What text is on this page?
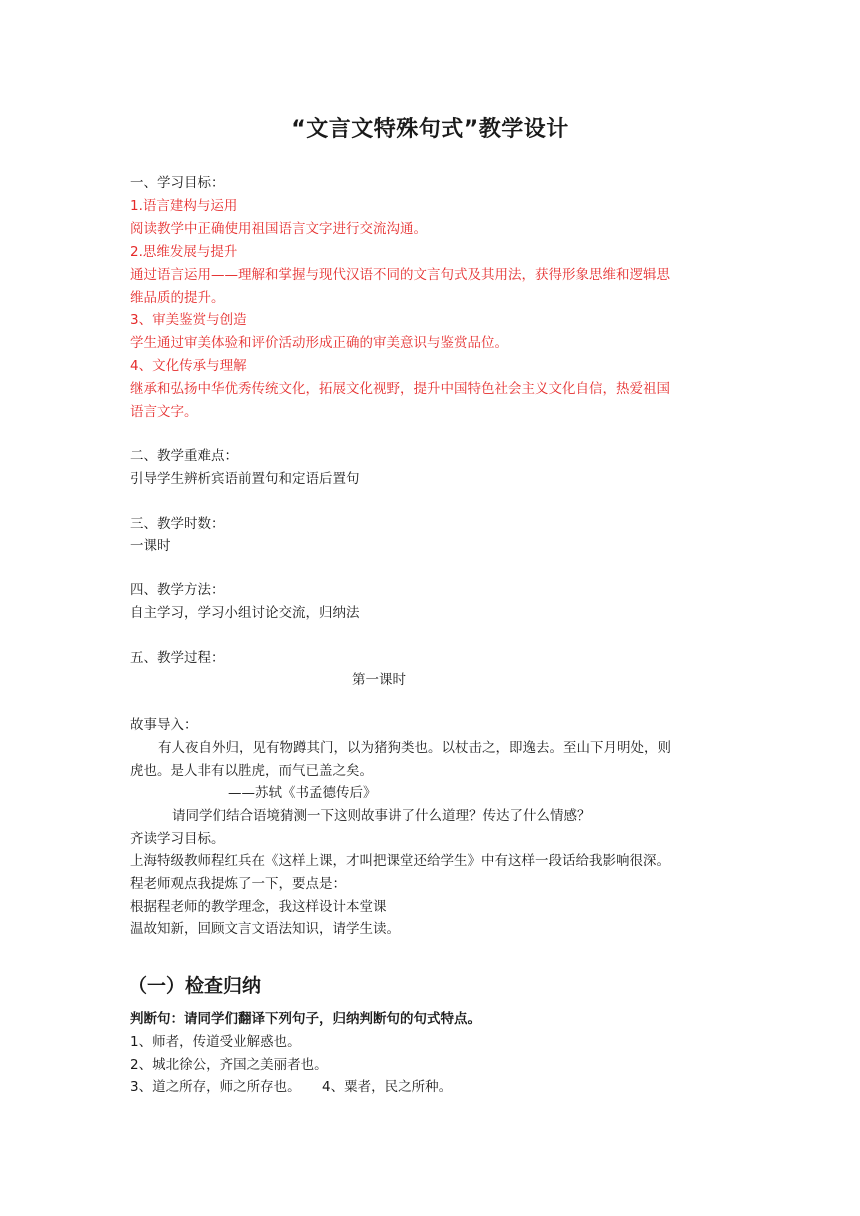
“文言文特殊句式”教学设计
一、学习目标：
1.语言建构与运用
阅读教学中正确使用祖国语言文字进行交流沟通。
2.思维发展与提升
通过语言运用——理解和掌握与现代汉语不同的文言句式及其用法，获得形象思维和逻辑思
维品质的提升。
3、审美鉴赏与创造
学生通过审美体验和评价活动形成正确的审美意识与鉴赏品位。
4、文化传承与理解
继承和弘扬中华优秀传统文化，拓展文化视野，提升中国特色社会主义文化自信，热爱祖国
语言文字。
二、教学重难点：
引导学生辨析宾语前置句和定语后置句
三、教学时数：
一课时
四、教学方法：
自主学习，学习小组讨论交流，归纳法
五、教学过程：
第一课时
故事导入：
有人夜自外归，见有物蹲其门，以为猪狗类也。以杖击之，即逸去。至山下月明处，则
虎也。是人非有以胜虎，而气已盖之矣。
——苏轼《书孟德传后》
请同学们结合语境猜测一下这则故事讲了什么道理？传达了什么情感？
齐读学习目标。
上海特级教师程红兵在《这样上课，才叫把课堂还给学生》中有这样一段话给我影响很深。
程老师观点我提炼了一下，要点是：
根据程老师的教学理念，我这样设计本堂课
温故知新，回顾文言文语法知识，请学生读。
（一）检查归纳
判断句：请同学们翻译下列句子，归纳判断句的句式特点。
1、师者，传道受业解惑也。
2、城北徐公，齐国之美丽者也。
3、道之所存，师之所存也。     4、粟者，民之所种。
